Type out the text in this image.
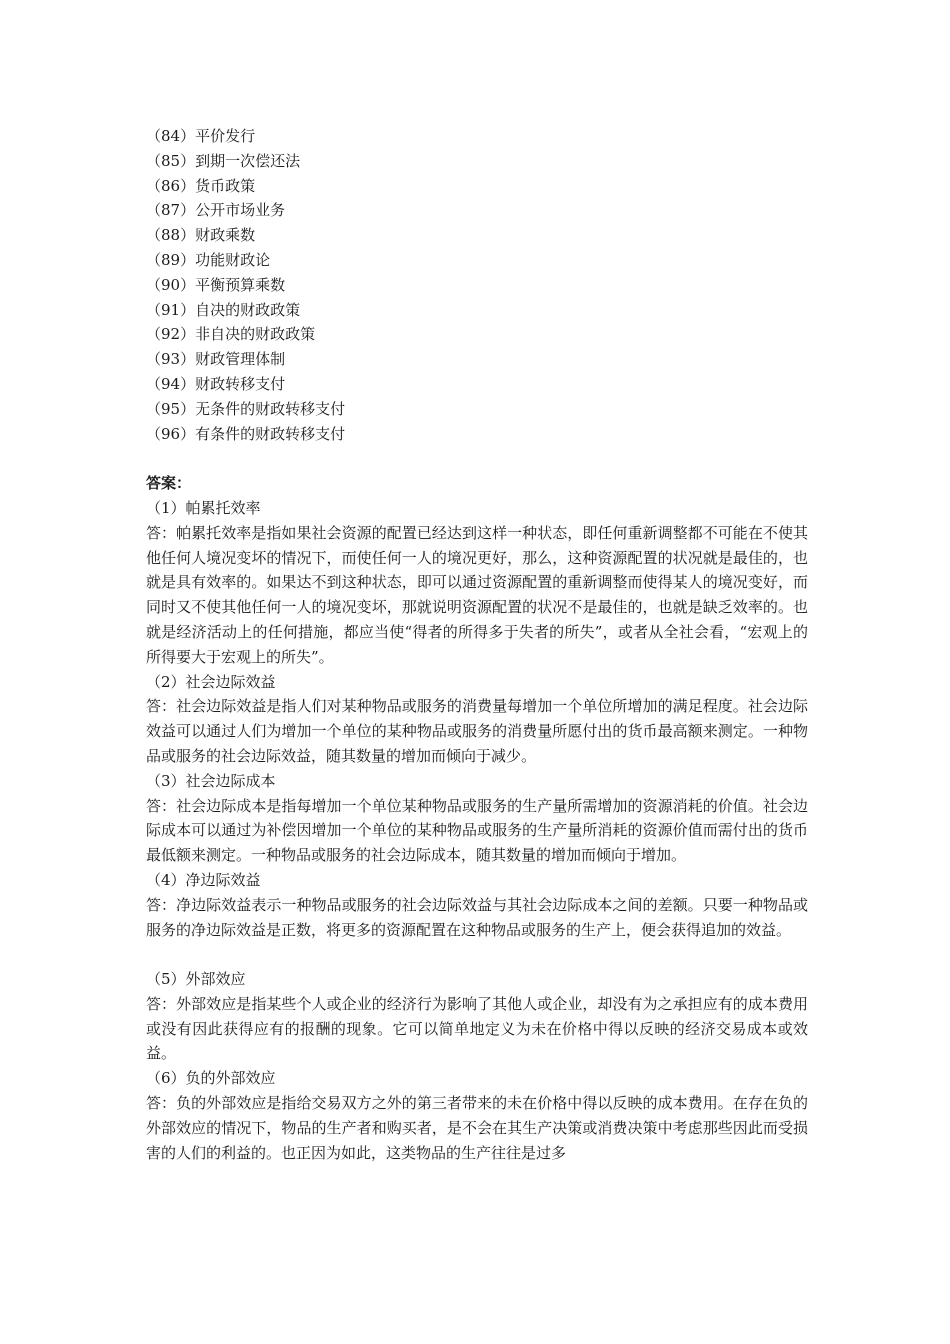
（84）平价发行
（85）到期一次偿还法
（86）货币政策
（87）公开市场业务
（88）财政乘数
（89）功能财政论
（90）平衡预算乘数
（91）自决的财政政策
（92）非自决的财政政策
（93）财政管理体制
（94）财政转移支付
（95）无条件的财政转移支付
（96）有条件的财政转移支付
答案：
（1）帕累托效率
答：帕累托效率是指如果社会资源的配置已经达到这样一种状态，即任何重新调整都不可能在不使其他任何人境况变坏的情况下，而使任何一人的境况更好，那么，这种资源配置的状况就是最佳的，也就是具有效率的。如果达不到这种状态，即可以通过资源配置的重新调整而使得某人的境况变好，而同时又不使其他任何一人的境况变坏，那就说明资源配置的状况不是最佳的，也就是缺乏效率的。也就是经济活动上的任何措施，都应当使“得者的所得多于失者的所失”，或者从全社会看，“宏观上的所得要大于宏观上的所失”。
（2）社会边际效益
答：社会边际效益是指人们对某种物品或服务的消费量每增加一个单位所增加的满足程度。社会边际效益可以通过人们为增加一个单位的某种物品或服务的消费量所愿付出的货币最高额来测定。一种物品或服务的社会边际效益，随其数量的增加而倾向于减少。
（3）社会边际成本
答：社会边际成本是指每增加一个单位某种物品或服务的生产量所需增加的资源消耗的价值。社会边际成本可以通过为补偿因增加一个单位的某种物品或服务的生产量所消耗的资源价值而需付出的货币最低额来测定。一种物品或服务的社会边际成本，随其数量的增加而倾向于增加。
（4）净边际效益
答：净边际效益表示一种物品或服务的社会边际效益与其社会边际成本之间的差额。只要一种物品或服务的净边际效益是正数，将更多的资源配置在这种物品或服务的生产上，便会获得追加的效益。
（5）外部效应
答：外部效应是指某些个人或企业的经济行为影响了其他人或企业，却没有为之承担应有的成本费用或没有因此获得应有的报酬的现象。它可以简单地定义为未在价格中得以反映的经济交易成本或效益。
（6）负的外部效应
答：负的外部效应是指给交易双方之外的第三者带来的未在价格中得以反映的成本费用。在存在负的外部效应的情况下，物品的生产者和购买者，是不会在其生产决策或消费决策中考虑那些因此而受损害的人们的利益的。也正因为如此，这类物品的生产往往是过多
